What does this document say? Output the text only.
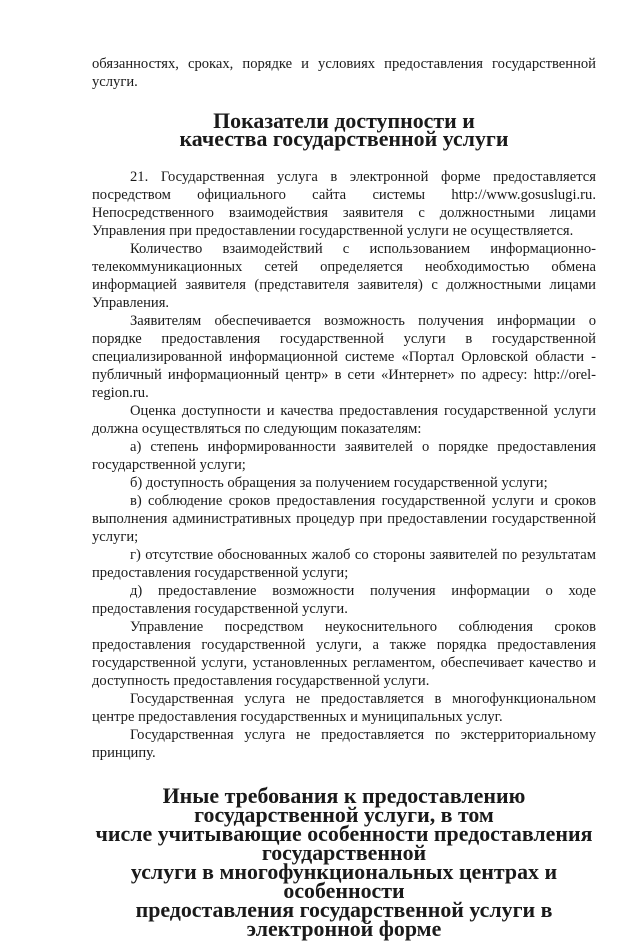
обязанностях, сроках, порядке и условиях предоставления государственной услуги.

Показатели доступности и
качества государственной услуги

21. Государственная услуга в электронной форме предоставляется посредством официального сайта системы http://www.gosuslugi.ru. Непосредственного взаимодействия заявителя с должностными лицами Управления при предоставлении государственной услуги не осуществляется.

Количество взаимодействий с использованием информационно-телекоммуникационных сетей определяется необходимостью обмена информацией заявителя (представителя заявителя) с должностными лицами Управления.

Заявителям обеспечивается возможность получения информации о порядке предоставления государственной услуги в государственной специализированной информационной системе «Портал Орловской области - публичный информационный центр» в сети «Интернет» по адресу: http://orel-region.ru.

Оценка доступности и качества предоставления государственной услуги должна осуществляться по следующим показателям:

а) степень информированности заявителей о порядке предоставления государственной услуги;

б) доступность обращения за получением государственной услуги;

в) соблюдение сроков предоставления государственной услуги и сроков выполнения административных процедур при предоставлении государственной услуги;

г) отсутствие обоснованных жалоб со стороны заявителей по результатам предоставления государственной услуги;

д) предоставление возможности получения информации о ходе предоставления государственной услуги.

Управление посредством неукоснительного соблюдения сроков предоставления государственной услуги, а также порядка предоставления государственной услуги, установленных регламентом, обеспечивает качество и доступность предоставления государственной услуги.

Государственная услуга не предоставляется в многофункциональном центре предоставления государственных и муниципальных услуг.

Государственная услуга не предоставляется по экстерриториальному принципу.

Иные требования к предоставлению государственной услуги, в том
числе учитывающие особенности предоставления государственной
услуги в многофункциональных центрах и особенности
предоставления государственной услуги в электронной форме
